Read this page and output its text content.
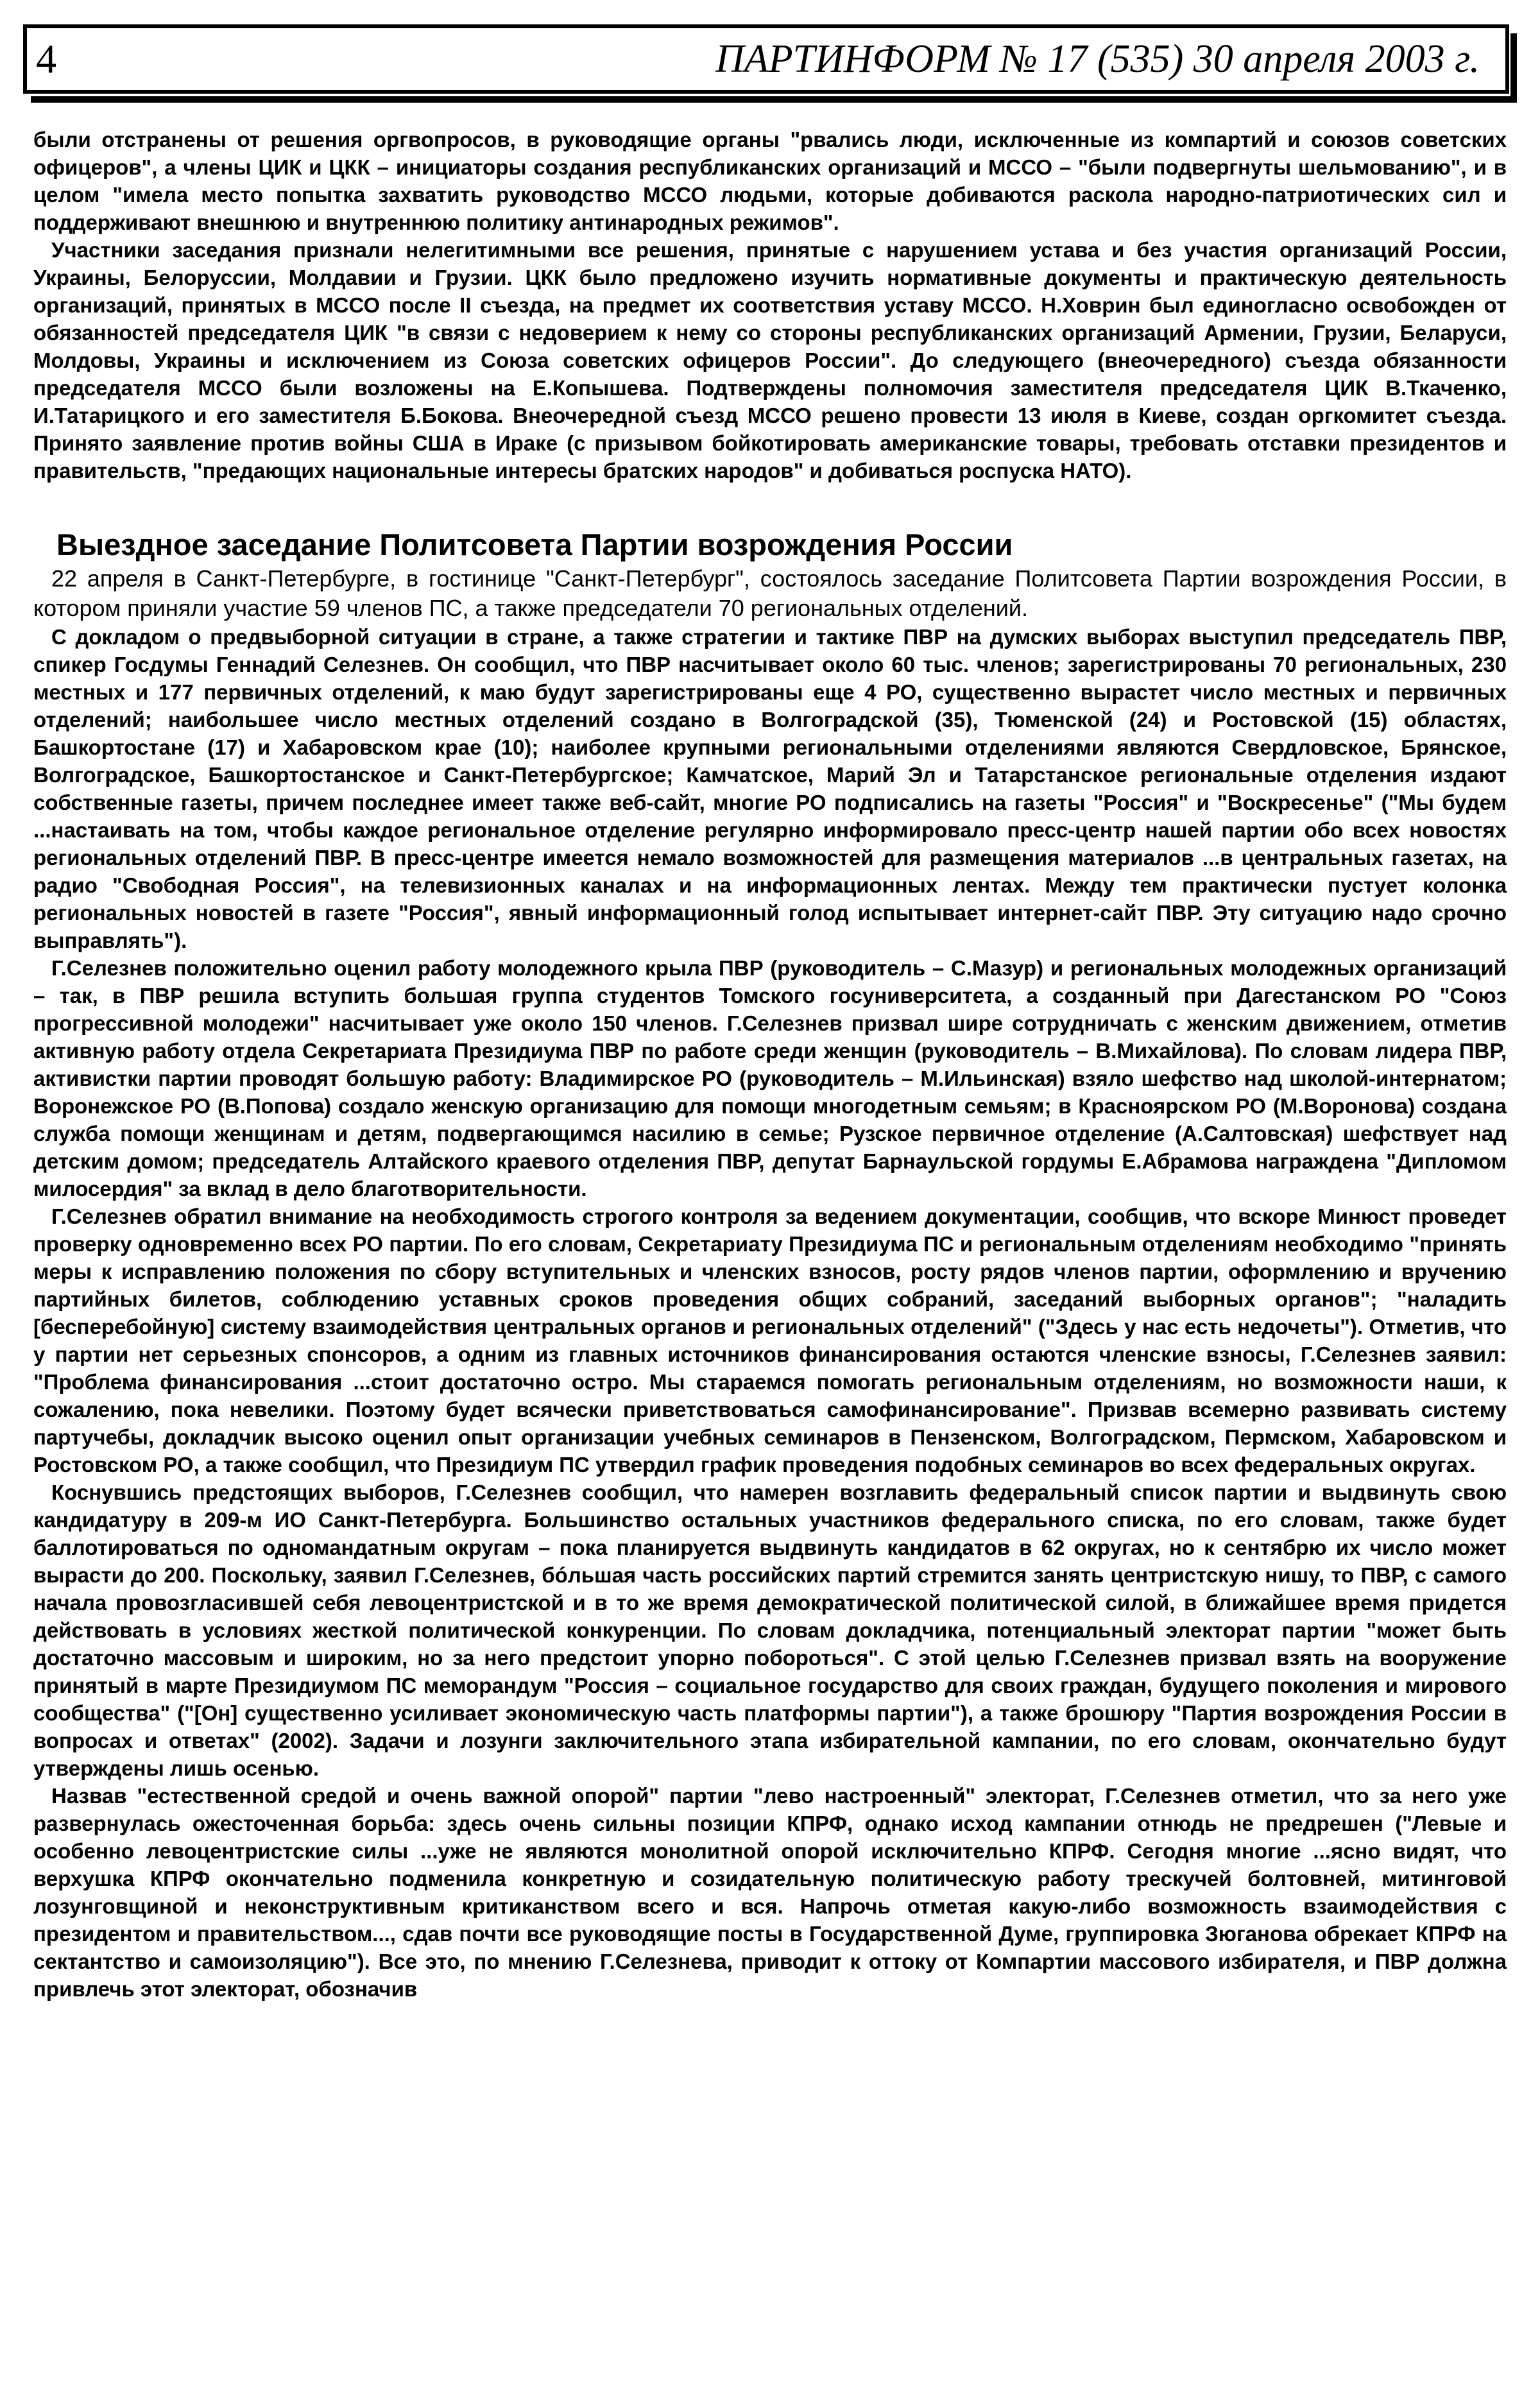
4	ПАРТИНФОРМ № 17 (535) 30 апреля 2003 г.

были отстранены от решения оргвопросов, в руководящие органы "рвались люди, исключенные из компартий и союзов советских офицеров", а члены ЦИК и ЦКК – инициаторы создания республиканских организаций и МССО – "были подвергнуты шельмованию", и в целом "имела место попытка захватить руководство МССО людьми, которые добиваются раскола народно-патриотических сил и поддерживают внешнюю и внутреннюю политику антинародных режимов".

Участники заседания признали нелегитимными все решения, принятые с нарушением устава и без участия организаций России, Украины, Белоруссии, Молдавии и Грузии. ЦКК было предложено изучить нормативные документы и практическую деятельность организаций, принятых в МССО после II съезда, на предмет их соответствия уставу МССО. Н.Ховрин был единогласно освобожден от обязанностей председателя ЦИК "в связи с недоверием к нему со стороны республиканских организаций Армении, Грузии, Беларуси, Молдовы, Украины и исключением из Союза советских офицеров России". До следующего (внеочередного) съезда обязанности председателя МССО были возложены на Е.Копышева. Подтверждены полномочия заместителя председателя ЦИК В.Ткаченко, И.Татарицкого и его заместителя Б.Бокова. Внеочередной съезд МССО решено провести 13 июля в Киеве, создан оргкомитет съезда. Принято заявление против войны США в Ираке (с призывом бойкотировать американские товары, требовать отставки президентов и правительств, "предающих национальные интересы братских народов" и добиваться роспуска НАТО).

Выездное заседание Политсовета Партии возрождения России

22 апреля в Санкт-Петербурге, в гостинице "Санкт-Петербург", состоялось заседание Политсовета Партии возрождения России, в котором приняли участие 59 членов ПС, а также председатели 70 региональных отделений.

С докладом о предвыборной ситуации в стране, а также стратегии и тактике ПВР на думских выборах выступил председатель ПВР, спикер Госдумы Геннадий Селезнев. Он сообщил, что ПВР насчитывает около 60 тыс. членов; зарегистрированы 70 региональных, 230 местных и 177 первичных отделений, к маю будут зарегистрированы еще 4 РО, существенно вырастет число местных и первичных отделений; наибольшее число местных отделений создано в Волгоградской (35), Тюменской (24) и Ростовской (15) областях, Башкортостане (17) и Хабаровском крае (10); наиболее крупными региональными отделениями являются Свердловское, Брянское, Волгоградское, Башкортостанское и Санкт-Петербургское; Камчатское, Марий Эл и Татарстанское региональные отделения издают собственные газеты, причем последнее имеет также веб-сайт, многие РО подписались на газеты "Россия" и "Воскресенье" ("Мы будем ...настаивать на том, чтобы каждое региональное отделение регулярно информировало пресс-центр нашей партии обо всех новостях региональных отделений ПВР. В пресс-центре имеется немало возможностей для размещения материалов ...в центральных газетах, на радио "Свободная Россия", на телевизионных каналах и на информационных лентах. Между тем практически пустует колонка региональных новостей в газете "Россия", явный информационный голод испытывает интернет-сайт ПВР. Эту ситуацию надо срочно выправлять").

Г.Селезнев положительно оценил работу молодежного крыла ПВР (руководитель – С.Мазур) и региональных молодежных организаций – так, в ПВР решила вступить большая группа студентов Томского госуниверситета, а созданный при Дагестанском РО "Союз прогрессивной молодежи" насчитывает уже около 150 членов. Г.Селезнев призвал шире сотрудничать с женским движением, отметив активную работу отдела Секретариата Президиума ПВР по работе среди женщин (руководитель – В.Михайлова). По словам лидера ПВР, активистки партии проводят большую работу: Владимирское РО (руководитель – М.Ильинская) взяло шефство над школой-интернатом; Воронежское РО (В.Попова) создало женскую организацию для помощи многодетным семьям; в Красноярском РО (М.Воронова) создана служба помощи женщинам и детям, подвергающимся насилию в семье; Рузское первичное отделение (А.Салтовская) шефствует над детским домом; председатель Алтайского краевого отделения ПВР, депутат Барнаульской гордумы Е.Абрамова награждена "Дипломом милосердия" за вклад в дело благотворительности.

Г.Селезнев обратил внимание на необходимость строгого контроля за ведением документации, сообщив, что вскоре Минюст проведет проверку одновременно всех РО партии. По его словам, Секретариату Президиума ПС и региональным отделениям необходимо "принять меры к исправлению положения по сбору вступительных и членских взносов, росту рядов членов партии, оформлению и вручению партийных билетов, соблюдению уставных сроков проведения общих собраний, заседаний выборных органов"; "наладить [бесперебойную] систему взаимодействия центральных органов и региональных отделений" ("Здесь у нас есть недочеты"). Отметив, что у партии нет серьезных спонсоров, а одним из главных источников финансирования остаются членские взносы, Г.Селезнев заявил: "Проблема финансирования ...стоит достаточно остро. Мы стараемся помогать региональным отделениям, но возможности наши, к сожалению, пока невелики. Поэтому будет всячески приветствоваться самофинансирование". Призвав всемерно развивать систему партучебы, докладчик высоко оценил опыт организации учебных семинаров в Пензенском, Волгоградском, Пермском, Хабаровском и Ростовском РО, а также сообщил, что Президиум ПС утвердил график проведения подобных семинаров во всех федеральных округах.

Коснувшись предстоящих выборов, Г.Селезнев сообщил, что намерен возглавить федеральный список партии и выдвинуть свою кандидатуру в 209-м ИО Санкт-Петербурга. Большинство остальных участников федерального списка, по его словам, также будет баллотироваться по одномандатным округам – пока планируется выдвинуть кандидатов в 62 округах, но к сентябрю их число может вырасти до 200. Поскольку, заявил Г.Селезнев, бóльшая часть российских партий стремится занять центристскую нишу, то ПВР, с самого начала провозгласившей себя левоцентристской и в то же время демократической политической силой, в ближайшее время придется действовать в условиях жесткой политической конкуренции. По словам докладчика, потенциальный электорат партии "может быть достаточно массовым и широким, но за него предстоит упорно побороться". С этой целью Г.Селезнев призвал взять на вооружение принятый в марте Президиумом ПС меморандум "Россия – социальное государство для своих граждан, будущего поколения и мирового сообщества" ("[Он] существенно усиливает экономическую часть платформы партии"), а также брошюру "Партия возрождения России в вопросах и ответах" (2002). Задачи и лозунги заключительного этапа избирательной кампании, по его словам, окончательно будут утверждены лишь осенью.

Назвав "естественной средой и очень важной опорой" партии "лево настроенный" электорат, Г.Селезнев отметил, что за него уже развернулась ожесточенная борьба: здесь очень сильны позиции КПРФ, однако исход кампании отнюдь не предрешен ("Левые и особенно левоцентристские силы ...уже не являются монолитной опорой исключительно КПРФ. Сегодня многие ...ясно видят, что верхушка КПРФ окончательно подменила конкретную и созидательную политическую работу трескучей болтовней, митинговой лозунговщиной и неконструктивным критиканством всего и вся. Напрочь отметая какую-либо возможность взаимодействия с президентом и правительством..., сдав почти все руководящие посты в Государственной Думе, группировка Зюганова обрекает КПРФ на сектантство и самоизоляцию"). Все это, по мнению Г.Селезнева, приводит к оттоку от Компартии массового избирателя, и ПВР должна привлечь этот электорат, обозначив
